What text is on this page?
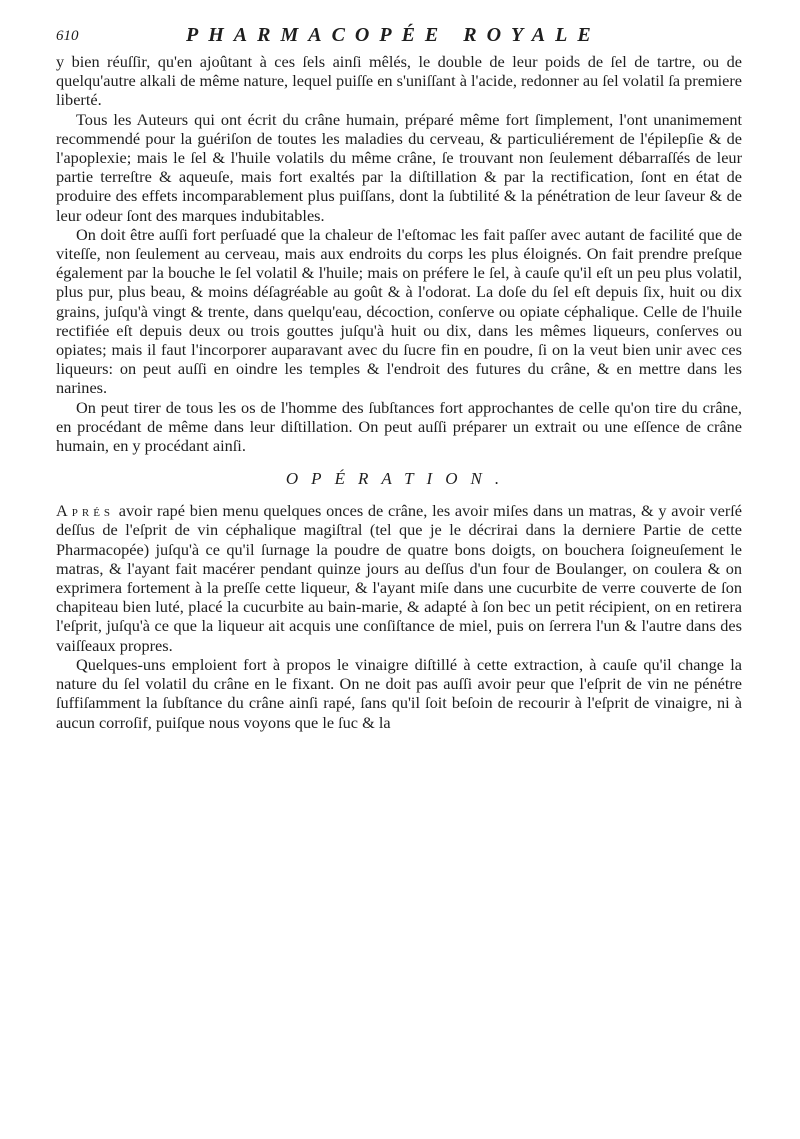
610	PHARMACOPÉE ROYALE

y bien réuſſir, qu'en ajoûtant à ces ſels ainſi mêlés, le double de leur poids de ſel de tartre, ou de quelqu'autre alkali de même nature, lequel puiſſe en s'uniſſant à l'acide, redonner au ſel volatil ſa premiere liberté.

Tous les Auteurs qui ont écrit du crâne humain, préparé même fort ſimplement, l'ont unanimement recommendé pour la guériſon de toutes les maladies du cerveau, & particuliérement de l'épilepſie & de l'apoplexie; mais le ſel & l'huile volatils du même crâne, ſe trouvant non ſeulement débarraſſés de leur partie terreſtre & aqueuſe, mais fort exaltés par la diſtillation & par la rectification, ſont en état de produire des effets incomparablement plus puiſſans, dont la ſubtilité & la pénétration de leur ſaveur & de leur odeur ſont des marques indubitables.

On doit être auſſi fort perſuadé que la chaleur de l'eſtomac les fait paſſer avec autant de facilité que de viteſſe, non ſeulement au cerveau, mais aux endroits du corps les plus éloignés. On fait prendre preſque également par la bouche le ſel volatil & l'huile; mais on préfere le ſel, à cauſe qu'il eſt un peu plus volatil, plus pur, plus beau, & moins déſagréable au goût & à l'odorat. La doſe du ſel eſt depuis ſix, huit ou dix grains, juſqu'à vingt & trente, dans quelqu'eau, décoction, conſerve ou opiate céphalique. Celle de l'huile rectifiée eſt depuis deux ou trois gouttes juſqu'à huit ou dix, dans les mêmes liqueurs, conſerves ou opiates; mais il faut l'incorporer auparavant avec du ſucre fin en poudre, ſi on la veut bien unir avec ces liqueurs: on peut auſſi en oindre les temples & l'endroit des futures du crâne, & en mettre dans les narines.

On peut tirer de tous les os de l'homme des ſubſtances fort approchantes de celle qu'on tire du crâne, en procédant de même dans leur diſtillation. On peut auſſi préparer un extrait ou une eſſence de crâne humain, en y procédant ainſi.

OPÉRATION.

Aprés avoir rapé bien menu quelques onces de crâne, les avoir miſes dans un matras, & y avoir verſé deſſus de l'eſprit de vin céphalique magiſtral (tel que je le décrirai dans la derniere Partie de cette Pharmacopée) juſqu'à ce qu'il ſurnage la poudre de quatre bons doigts, on bouchera ſoigneuſement le matras, & l'ayant fait macérer pendant quinze jours au deſſus d'un four de Boulanger, on coulera & on exprimera fortement à la preſſe cette liqueur, & l'ayant miſe dans une cucurbite de verre couverte de ſon chapiteau bien luté, placé la cucurbite au bain-marie, & adapté à ſon bec un petit récipient, on en retirera l'eſprit, juſqu'à ce que la liqueur ait acquis une conſiſtance de miel, puis on ſerrera l'un & l'autre dans des vaiſſeaux propres.

Quelques-uns emploient fort à propos le vinaigre diſtillé à cette extraction, à cauſe qu'il change la nature du ſel volatil du crâne en le fixant. On ne doit pas auſſi avoir peur que l'eſprit de vin ne pénétre ſuffiſamment la ſubſtance du crâne ainſi rapé, ſans qu'il ſoit beſoin de recourir à l'eſprit de vinaigre, ni à aucun corroſif, puiſque nous voyons que le ſuc & la
